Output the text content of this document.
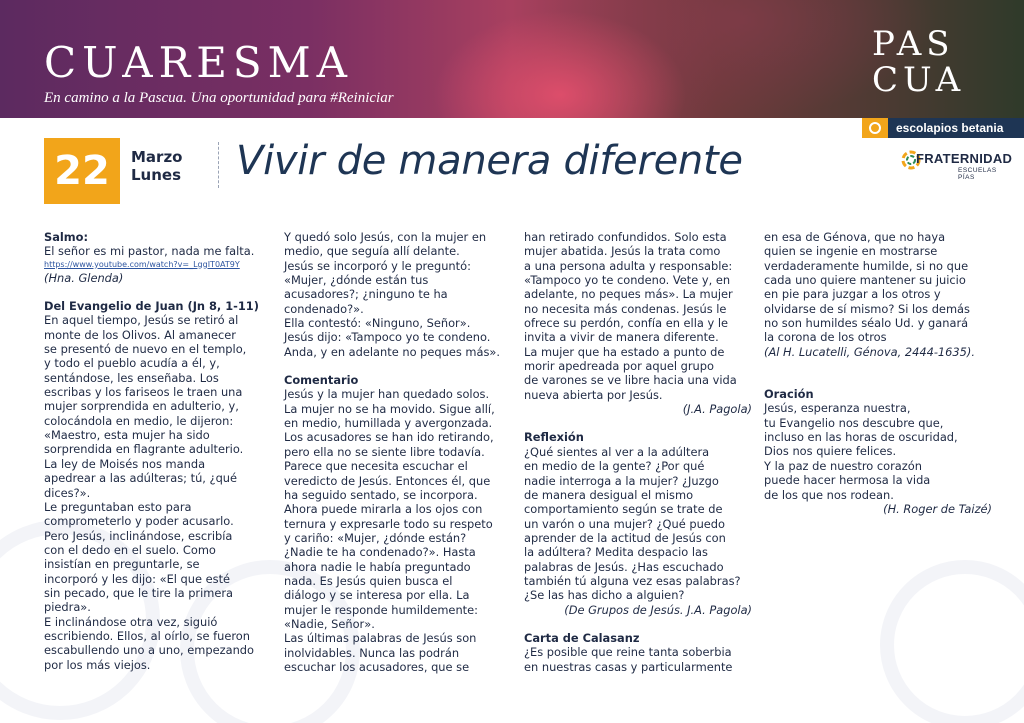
CUARESMA
En camino a la Pascua. Una oportunidad para #Reiniciar
PAS
CUA
escolapios betania
FRATERNIDAD
ESCUELAS PÍAS
22 Marzo
Lunes Vivir de manera diferente
Salmo:
El señor es mi pastor, nada me falta.
https://www.youtube.com/watch?v=_LggIT0AT9Y
(Hna. Glenda)
Del Evangelio de Juan (Jn 8, 1-11)
En aquel tiempo, Jesús se retiró al
monte de los Olivos. Al amanecer
se presentó de nuevo en el templo,
y todo el pueblo acudía a él, y,
sentándose, les enseñaba. Los
escribas y los fariseos le traen una
mujer sorprendida en adulterio, y,
colocándola en medio, le dijeron:
«Maestro, esta mujer ha sido
sorprendida en flagrante adulterio.
La ley de Moisés nos manda
apedrear a las adúlteras; tú, ¿qué
dices?».
Le preguntaban esto para
comprometerlo y poder acusarlo.
Pero Jesús, inclinándose, escribía
con el dedo en el suelo. Como
insistían en preguntarle, se
incorporó y les dijo: «El que esté
sin pecado, que le tire la primera
piedra».
E inclinándose otra vez, siguió
escribiendo. Ellos, al oírlo, se fueron
escabullendo uno a uno, empezando
por los más viejos.
Y quedó solo Jesús, con la mujer en
medio, que seguía allí delante.
Jesús se incorporó y le preguntó:
«Mujer, ¿dónde están tus
acusadores?; ¿ninguno te ha
condenado?».
Ella contestó: «Ninguno, Señor».
Jesús dijo: «Tampoco yo te condeno.
Anda, y en adelante no peques más».
Comentario
Jesús y la mujer han quedado solos.
La mujer no se ha movido. Sigue allí,
en medio, humillada y avergonzada.
Los acusadores se han ido retirando,
pero ella no se siente libre todavía.
Parece que necesita escuchar el
veredicto de Jesús. Entonces él, que
ha seguido sentado, se incorpora.
Ahora puede mirarla a los ojos con
ternura y expresarle todo su respeto
y cariño: «Mujer, ¿dónde están?
¿Nadie te ha condenado?». Hasta
ahora nadie le había preguntado
nada. Es Jesús quien busca el
diálogo y se interesa por ella. La
mujer le responde humildemente:
«Nadie, Señor».
Las últimas palabras de Jesús son
inolvidables. Nunca las podrán
escuchar los acusadores, que se
han retirado confundidos. Solo esta
mujer abatida. Jesús la trata como
a una persona adulta y responsable:
«Tampoco yo te condeno. Vete y, en
adelante, no peques más». La mujer
no necesita más condenas. Jesús le
ofrece su perdón, confía en ella y le
invita a vivir de manera diferente.
La mujer que ha estado a punto de
morir apedreada por aquel grupo
de varones se ve libre hacia una vida
nueva abierta por Jesús.
(J.A. Pagola)
Reflexión
¿Qué sientes al ver a la adúltera
en medio de la gente? ¿Por qué
nadie interroga a la mujer? ¿Juzgo
de manera desigual el mismo
comportamiento según se trate de
un varón o una mujer? ¿Qué puedo
aprender de la actitud de Jesús con
la adúltera? Medita despacio las
palabras de Jesús. ¿Has escuchado
también tú alguna vez esas palabras?
¿Se las has dicho a alguien?
(De Grupos de Jesús. J.A. Pagola)
Carta de Calasanz
¿Es posible que reine tanta soberbia
en nuestras casas y particularmente
en esa de Génova, que no haya
quien se ingenie en mostrarse
verdaderamente humilde, si no que
cada uno quiere mantener su juicio
en pie para juzgar a los otros y
olvidarse de sí mismo? Si los demás
no son humildes séalo Ud. y ganará
la corona de los otros
(Al H. Lucatelli, Génova, 2444-1635).
Oración
Jesús, esperanza nuestra,
tu Evangelio nos descubre que,
incluso en las horas de oscuridad,
Dios nos quiere felices.
Y la paz de nuestro corazón
puede hacer hermosa la vida
de los que nos rodean.
(H. Roger de Taizé)
